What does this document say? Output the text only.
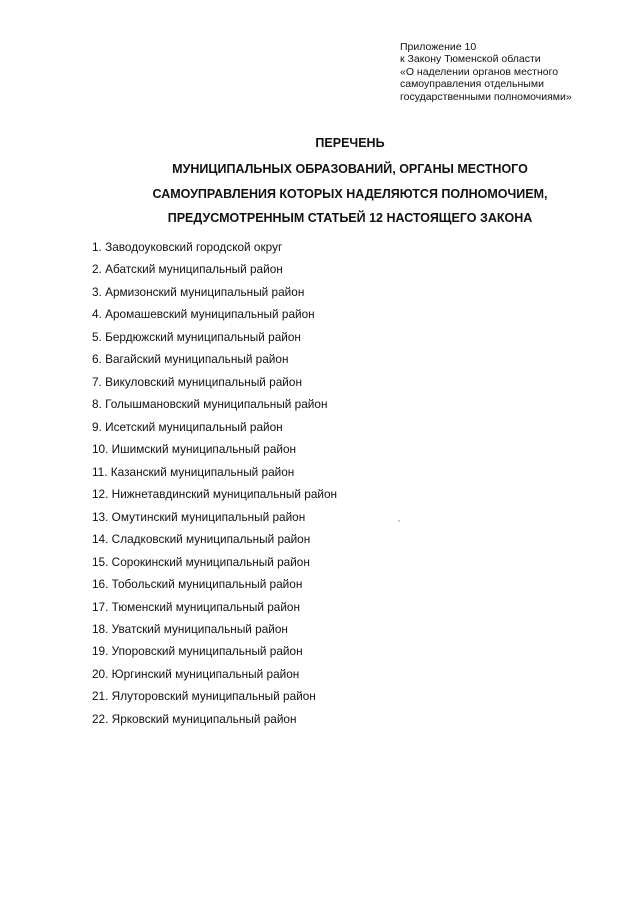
Приложение 10
к Закону Тюменской области
«О наделении органов местного
самоуправления отдельными
государственными полномочиями»
ПЕРЕЧЕНЬ
МУНИЦИПАЛЬНЫХ ОБРАЗОВАНИЙ, ОРГАНЫ МЕСТНОГО
САМОУПРАВЛЕНИЯ КОТОРЫХ НАДЕЛЯЮТСЯ ПОЛНОМОЧИЕМ,
ПРЕДУСМОТРЕННЫМ СТАТЬЕЙ 12 НАСТОЯЩЕГО ЗАКОНА
1. Заводоуковский городской округ
2. Абатский муниципальный район
3. Армизонский муниципальный район
4. Аромашевский муниципальный район
5. Бердюжский муниципальный район
6. Вагайский муниципальный район
7. Викуловский муниципальный район
8. Голышмановский муниципальный район
9. Исетский муниципальный район
10. Ишимский муниципальный район
11. Казанский муниципальный район
12. Нижнетавдинский муниципальный район
13. Омутинский муниципальный район
14. Сладковский муниципальный район
15. Сорокинский муниципальный район
16. Тобольский муниципальный район
17. Тюменский муниципальный район
18. Уватский муниципальный район
19. Упоровский муниципальный район
20. Юргинский муниципальный район
21. Ялуторовский муниципальный район
22. Ярковский муниципальный район
